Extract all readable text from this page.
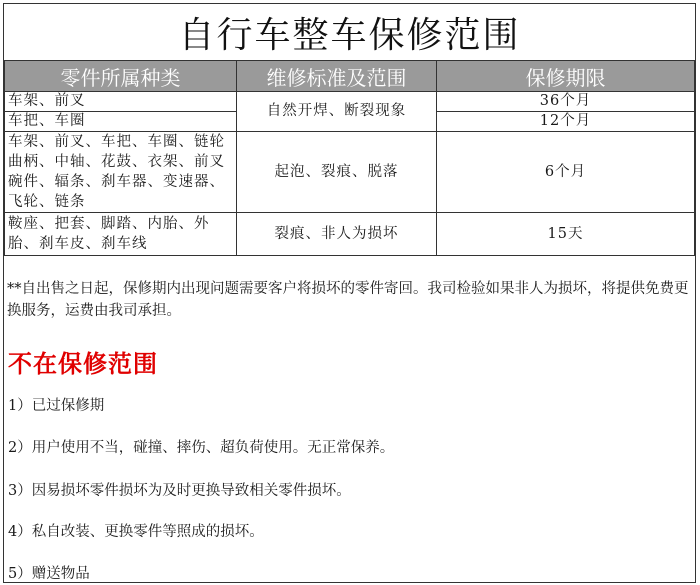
自行车整车保修范围
零件所属种类	维修标准及范围	保修期限
车架、前叉	自然开焊、断裂现象	36个月
车把、车圈		12个月
车架、前叉、车把、车圈、链轮曲柄、中轴、花鼓、衣架、前叉碗件、辐条、刹车器、变速器、飞轮、链条	起泡、裂痕、脱落	6个月
鞍座、把套、脚踏、内胎、外胎、刹车皮、刹车线	裂痕、非人为损坏	15天
**自出售之日起，保修期内出现问题需要客户将损坏的零件寄回。我司检验如果非人为损坏，将提供免费更换服务，运费由我司承担。
不在保修范围
1）已过保修期
2）用户使用不当，碰撞、摔伤、超负荷使用。无正常保养。
3）因易损坏零件损坏为及时更换导致相关零件损坏。
4）私自改装、更换零件等照成的损坏。
5）赠送物品
